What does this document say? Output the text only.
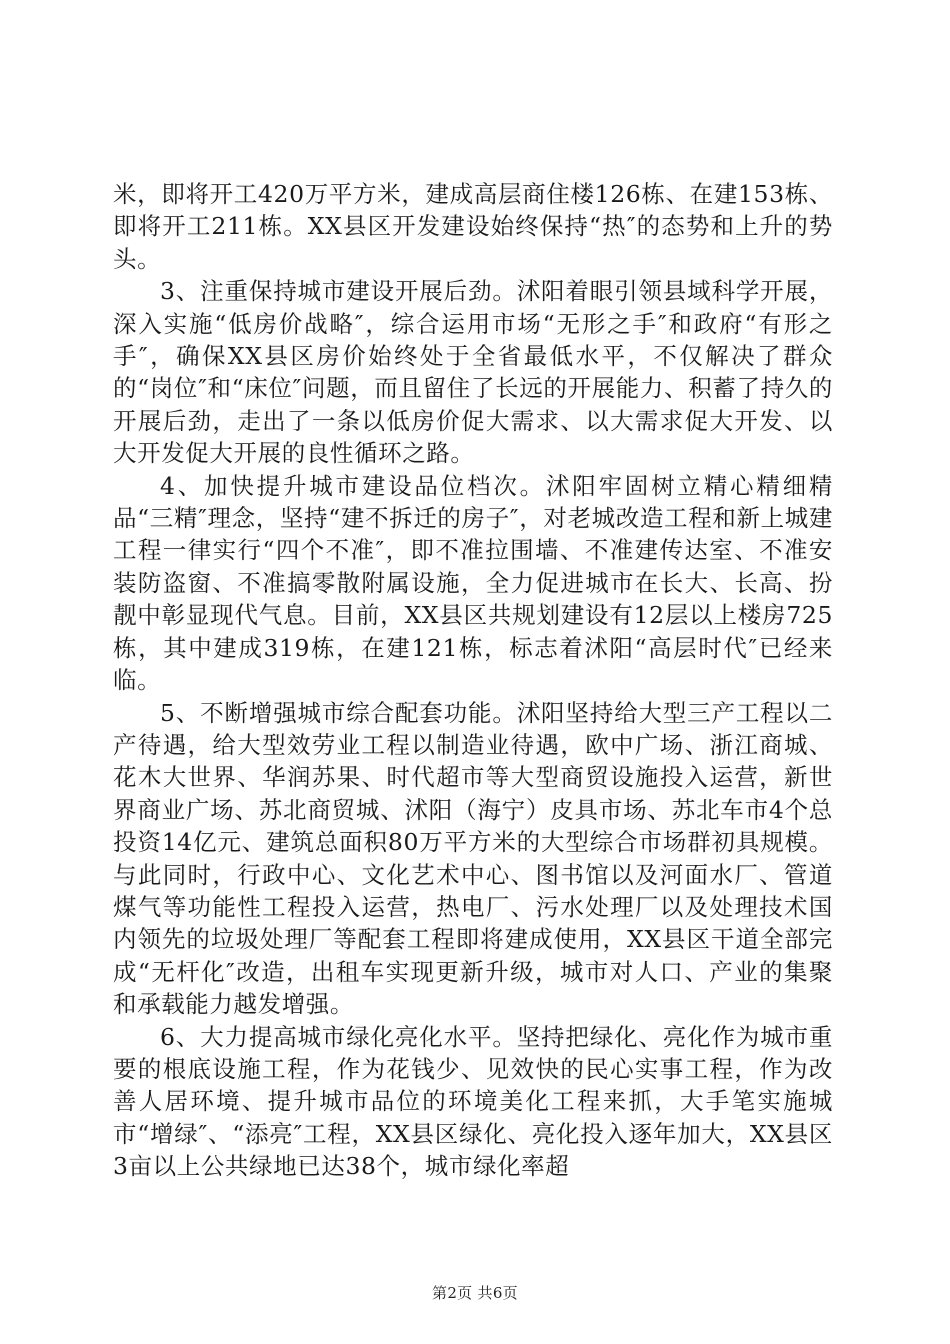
米，即将开工420万平方米，建成高层商住楼126栋、在建153栋、即将开工211栋。XX县区开发建设始终保持“热″的态势和上升的势头。

3、注重保持城市建设开展后劲。沭阳着眼引领县域科学开展，深入实施“低房价战略″，综合运用市场“无形之手″和政府“有形之手″，确保XX县区房价始终处于全省最低水平，不仅解决了群众的“岗位″和“床位″问题，而且留住了长远的开展能力、积蓄了持久的开展后劲，走出了一条以低房价促大需求、以大需求促大开发、以大开发促大开展的良性循环之路。

4、加快提升城市建设品位档次。沭阳牢固树立精心精细精品“三精″理念，坚持“建不拆迁的房子″，对老城改造工程和新上城建工程一律实行“四个不准″，即不准拉围墙、不准建传达室、不准安装防盗窗、不准搞零散附属设施，全力促进城市在长大、长高、扮靓中彰显现代气息。目前，XX县区共规划建设有12层以上楼房725栋，其中建成319栋，在建121栋，标志着沭阳“高层时代″已经来临。

5、不断增强城市综合配套功能。沭阳坚持给大型三产工程以二产待遇，给大型效劳业工程以制造业待遇，欧中广场、浙江商城、花木大世界、华润苏果、时代超市等大型商贸设施投入运营，新世界商业广场、苏北商贸城、沭阳（海宁）皮具市场、苏北车市4个总投资14亿元、建筑总面积80万平方米的大型综合市场群初具规模。与此同时，行政中心、文化艺术中心、图书馆以及河面水厂、管道煤气等功能性工程投入运营，热电厂、污水处理厂以及处理技术国内领先的垃圾处理厂等配套工程即将建成使用，XX县区干道全部完成“无杆化″改造，出租车实现更新升级，城市对人口、产业的集聚和承载能力越发增强。

6、大力提高城市绿化亮化水平。坚持把绿化、亮化作为城市重要的根底设施工程，作为花钱少、见效快的民心实事工程，作为改善人居环境、提升城市品位的环境美化工程来抓，大手笔实施城市“增绿″、“添亮″工程，XX县区绿化、亮化投入逐年加大，XX县区3亩以上公共绿地已达38个，城市绿化率超

第2页 共6页
